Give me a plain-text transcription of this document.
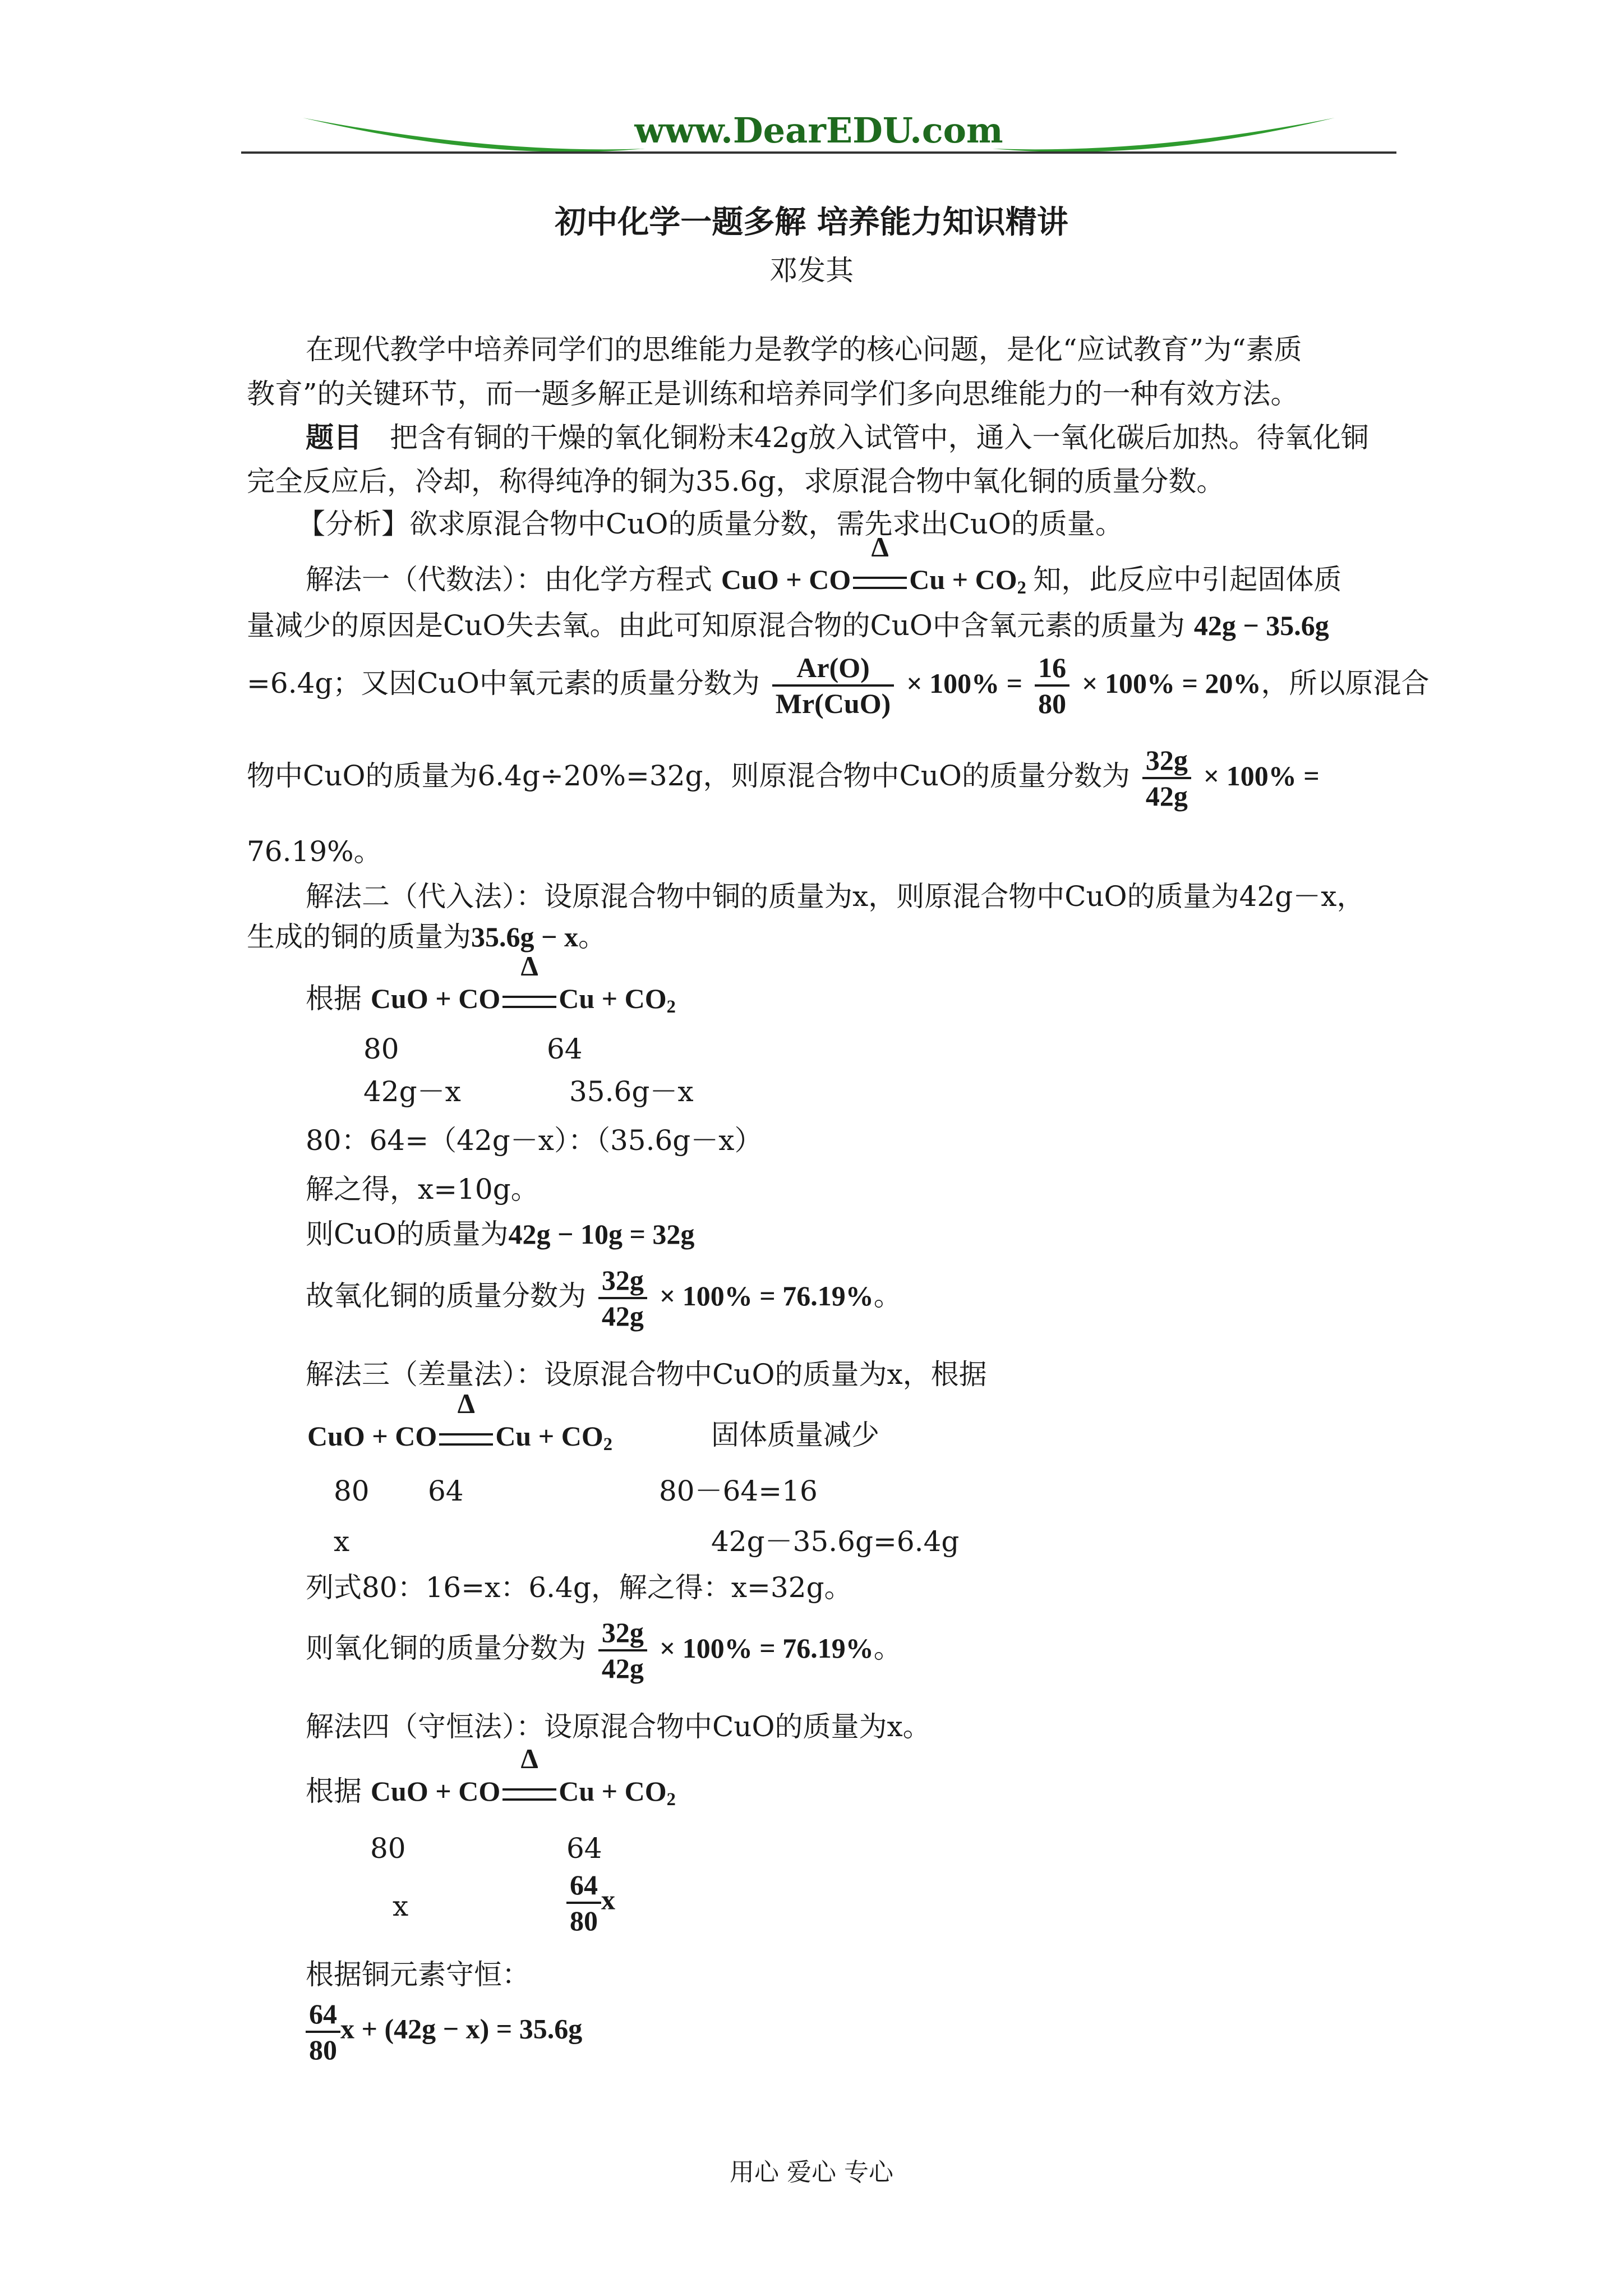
www.DearEDU.com
初中化学一题多解 培养能力知识精讲
邓发其
在现代教学中培养同学们的思维能力是教学的核心问题，是化“应试教育”为“素质
教育”的关键环节，而一题多解正是训练和培养同学们多向思维能力的一种有效方法。
题目 把含有铜的干燥的氧化铜粉末42g放入试管中，通入一氧化碳后加热。待氧化铜
完全反应后，冷却，称得纯净的铜为35.6g，求原混合物中氧化铜的质量分数。
【分析】欲求原混合物中CuO的质量分数，需先求出CuO的质量。
解法一（代数法）：由化学方程式 CuO + CO
Δ
$Cu + CO_2$ 知，此反应中引起固体质
量减少的原因是CuO失去氧。由此可知原混合物的CuO中含氧元素的质量为 42g − 35.6g
=6.4g；又因CuO中氧元素的质量分数为 $\frac{Ar(O)}{\text{Mr(CuO)}} \times 100\% = \frac{16}{80} \times 100\% = 20\%$，所以原混合
物中CuO的质量为6.4g÷20%=32g，则原混合物中CuO的质量分数为 $\frac{32g}{42g} \times 100\%$ =
76.19%。
解法二（代入法）：设原混合物中铜的质量为x，则原混合物中CuO的质量为42g－x，
生成的铜的质量为35.6g − x。
根据 CuO + CO
Δ
$Cu + CO_2$
80	64
42g－x	35.6g－x
80：64=（42g－x）：（35.6g－x）
解之得，x=10g。
则CuO的质量为42g − 10g = 32g
故氧化铜的质量分数为 $\frac{32g}{42g} \times 100\% = 76.19\%$。
解法三（差量法）：设原混合物中CuO的质量为x，根据
CuO + CO
Δ
$Cu + CO_2$	固体质量减少
80 64	80－64=16
x	42g－35.6g=6.4g
列式80：16=x：6.4g，解之得：x=32g。
则氧化铜的质量分数为 $\frac{32g}{42g} \times 100\% = 76.19\%$。
解法四（守恒法）：设原混合物中CuO的质量为x。
根据 CuO + CO
Δ
$Cu + CO_2$
80	64
x	$\frac{64}{80}$ x
根据铜元素守恒：
$\frac{64}{80}$ x + (42g − x) = 35.6g
用心 爱心 专心
